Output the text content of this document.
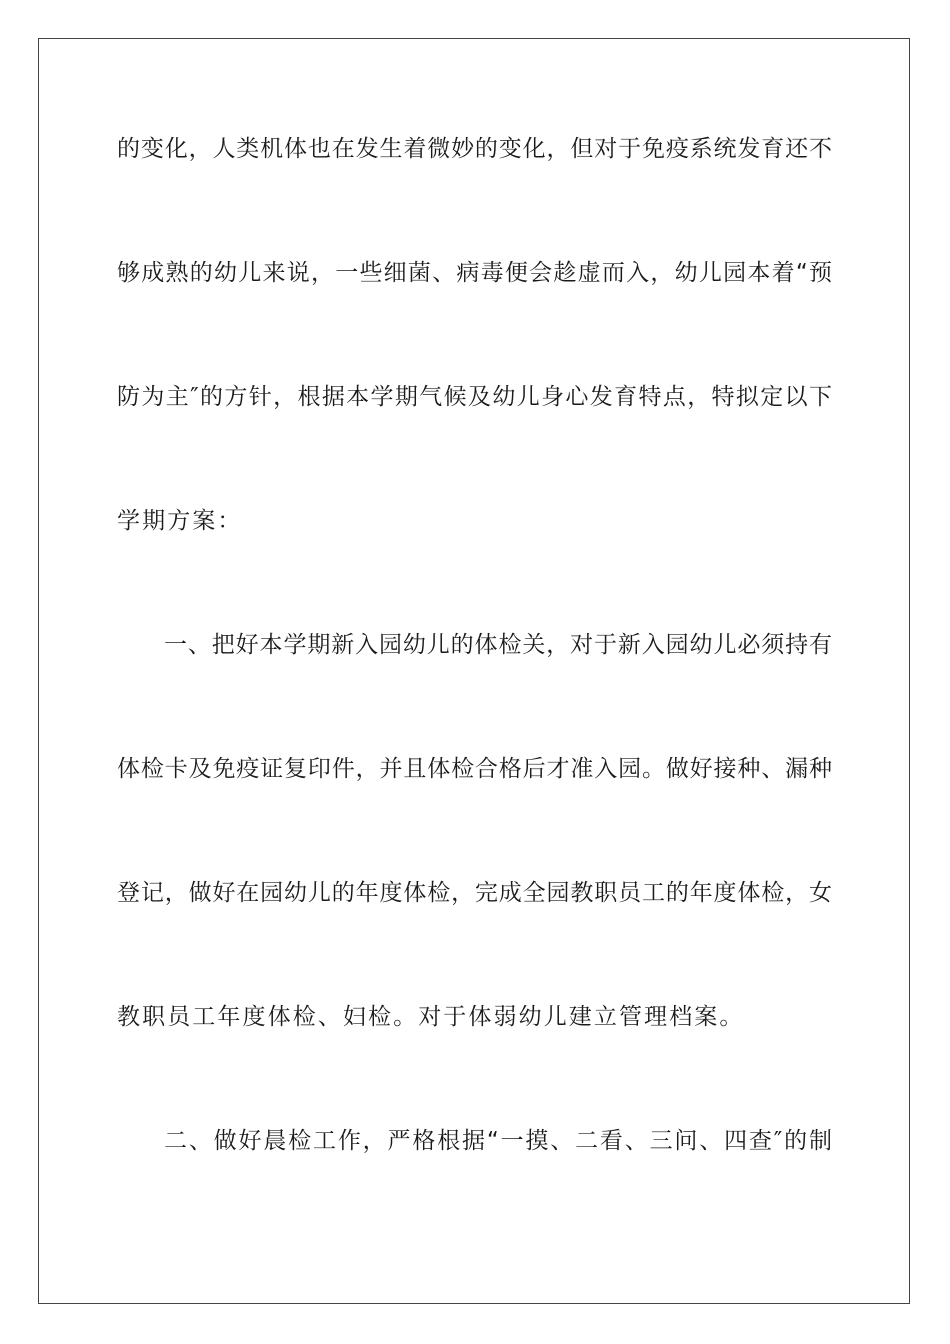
的变化，人类机体也在发生着微妙的变化，但对于免疫系统发育还不
够成熟的幼儿来说，一些细菌、病毒便会趁虚而入，幼儿园本着“预
防为主″的方针，根据本学期气候及幼儿身心发育特点，特拟定以下
学期方案：
一、把好本学期新入园幼儿的体检关，对于新入园幼儿必须持有
体检卡及免疫证复印件，并且体检合格后才准入园。做好接种、漏种
登记，做好在园幼儿的年度体检，完成全园教职员工的年度体检，女
教职员工年度体检、妇检。对于体弱幼儿建立管理档案。
二、做好晨检工作，严格根据“一摸、二看、三问、四查″的制
